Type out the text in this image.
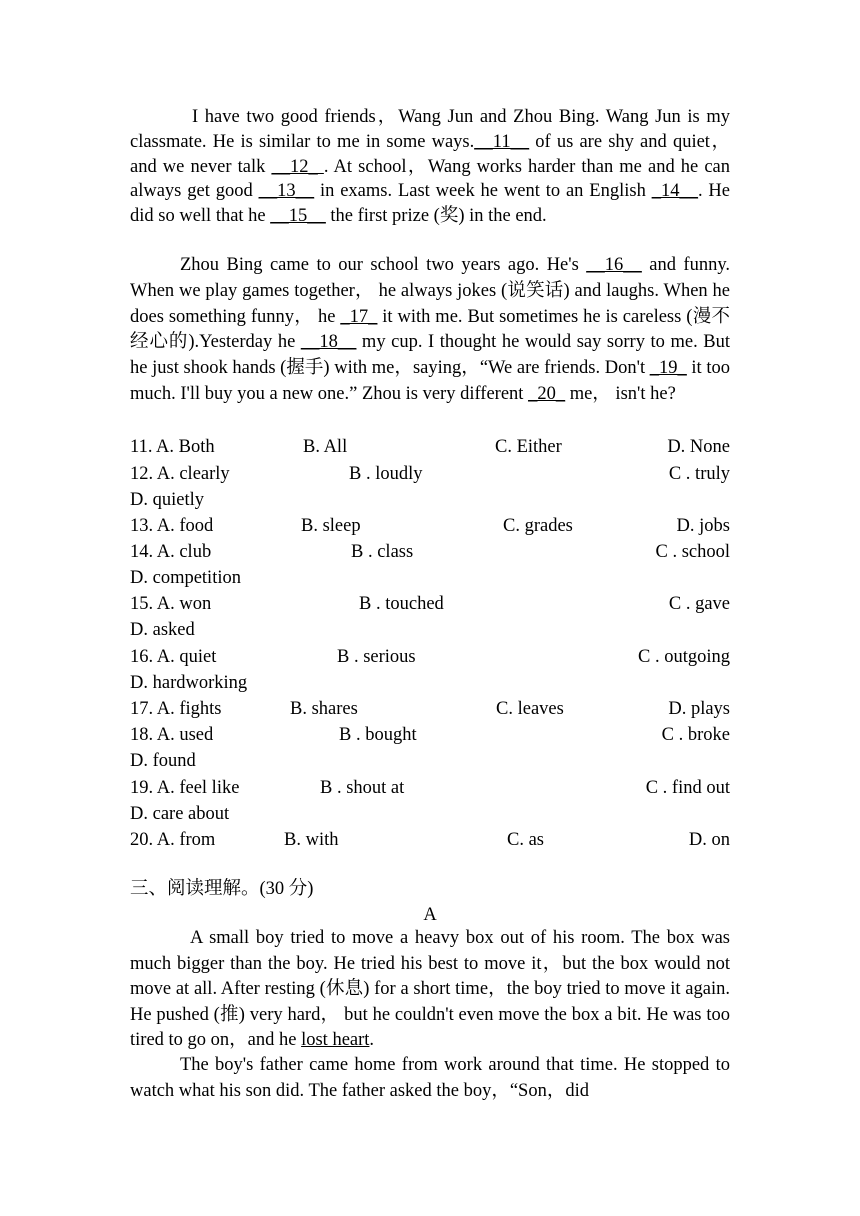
I have two good friends，Wang Jun and Zhou Bing. Wang Jun is my classmate. He is similar to me in some ways.__11__ of us are shy and quiet，and we never talk __12_ . At school，Wang works harder than me and he can always get good __13__ in exams. Last week he went to an English _14__. He did so well that he __15__ the first prize (奖) in the end.
Zhou Bing came to our school two years ago. He's __16__ and funny. When we play games together， he always jokes (说笑话) and laughs. When he does something funny， he _17_ it with me. But sometimes he is careless (漫不经心的).Yesterday he __18__ my cup. I thought he would say sorry to me. But he just shook hands (握手) with me，saying，“We are friends. Don't _19_ it too much. I'll buy you a new one.” Zhou is very different _20_ me， isn't he?
11. A. Both	B. All	C. Either	D. None
12. A. clearly	B . loudly	C . truly
D. quietly
13. A. food	B. sleep	C. grades	D. jobs
14. A. club	B . class	C . school
D. competition
15. A. won	B . touched	C . gave
D. asked
16. A. quiet	B . serious	C . outgoing
D. hardworking
17. A. fights	B. shares	C. leaves	D. plays
18. A. used	B . bought	C . broke
D. found
19. A. feel like	B . shout at	C . find out
D. care about
20. A. from	B. with	C. as	D. on
三、阅读理解。(30 分)
A
A small boy tried to move a heavy box out of his room. The box was much bigger than the boy. He tried his best to move it，but the box would not move at all. After resting (休息) for a short time，the boy tried to move it again. He pushed (推) very hard， but he couldn't even move the box a bit. He was too tired to go on，and he lost heart.
The boy's father came home from work around that time. He stopped to watch what his son did. The father asked the boy，“Son，did
